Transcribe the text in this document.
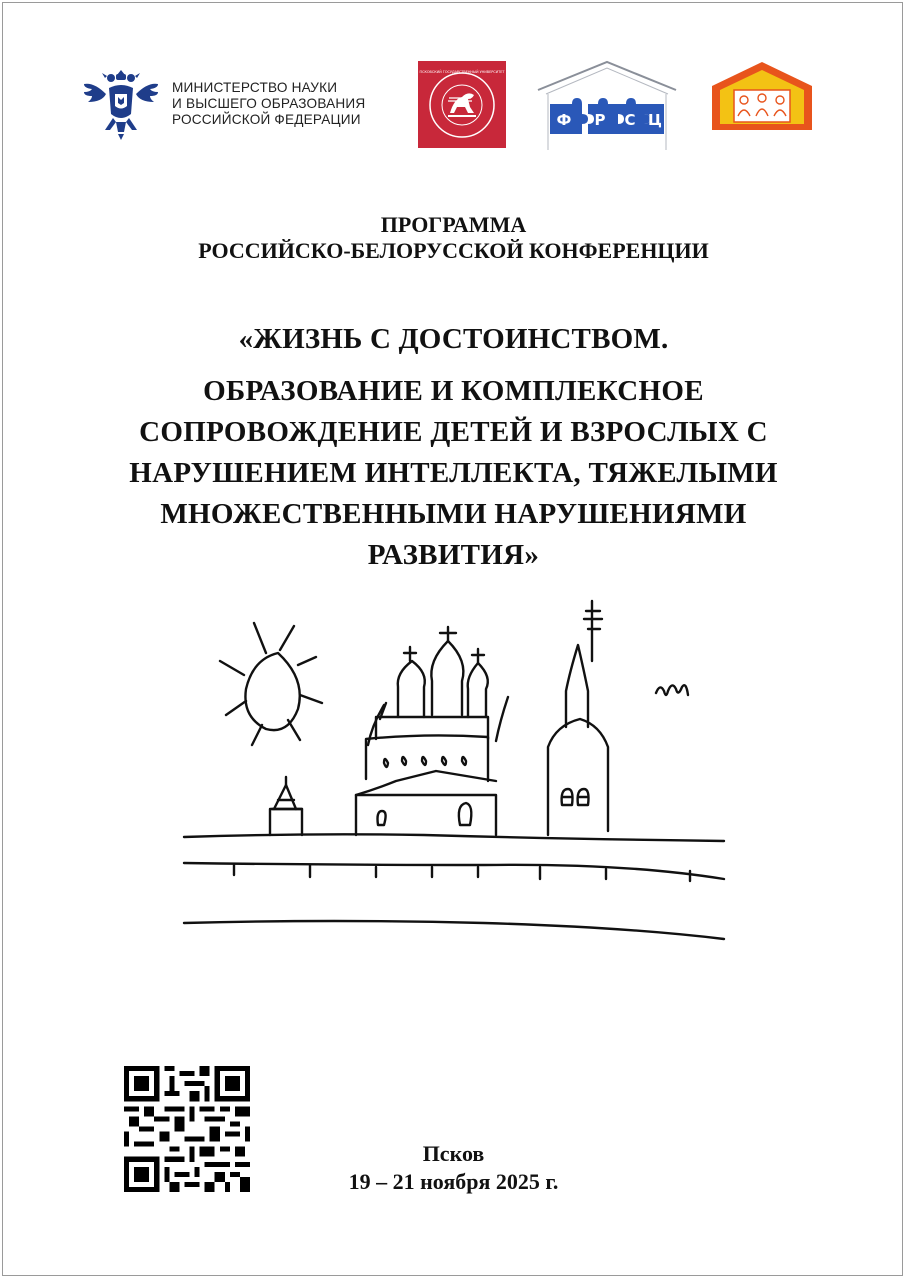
МИНИСТЕРСТВО НАУКИ
И ВЫСШЕГО ОБРАЗОВАНИЯ
РОССИЙСКОЙ ФЕДЕРАЦИИ
ПСКОВСКИЙ ГОСУДАРСТВЕННЫЙ УНИВЕРСИТЕТ
Ф Р С Ц
ПРОГРАММА
РОССИЙСКО-БЕЛОРУССКОЙ КОНФЕРЕНЦИИ
«ЖИЗНЬ С ДОСТОИНСТВОМ.
ОБРАЗОВАНИЕ И КОМПЛЕКСНОЕ
СОПРОВОЖДЕНИЕ ДЕТЕЙ И ВЗРОСЛЫХ С
НАРУШЕНИЕМ ИНТЕЛЛЕКТА, ТЯЖЕЛЫМИ
МНОЖЕСТВЕННЫМИ НАРУШЕНИЯМИ
РАЗВИТИЯ»
Псков
19 – 21 ноября 2025 г.
